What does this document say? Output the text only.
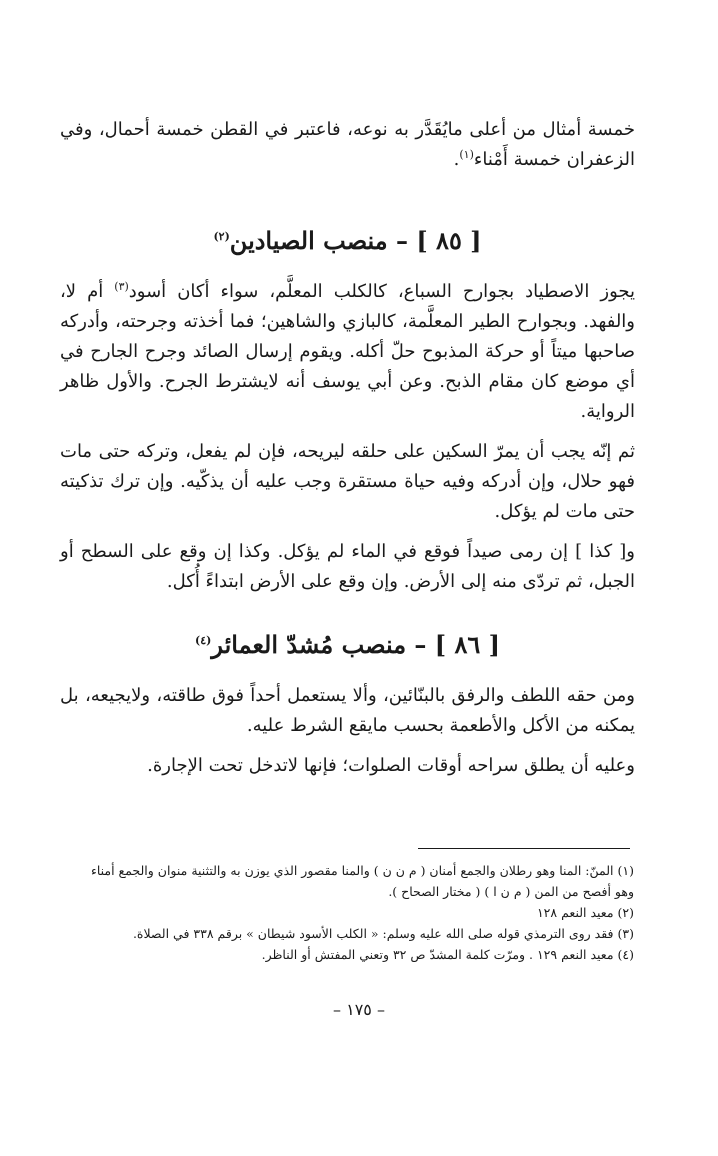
خمسة أمثال من أعلى مايُقَدَّر به نوعه، فاعتبر في القطن خمسة أحمال، وفي الزعفران خمسة أَمْناء$^{(١)}$.

[ ٨٥ ] – منصب الصيادين$^{(٢)}$

يجوز الاصطياد بجوارح السباع، كالكلب المعلَّم، سواء أكان أسود$^{(٣)}$ أم لا، والفهد. وبجوارح الطير المعلَّمة، كالبازي والشاهين؛ فما أخذته وجرحته، وأدركه صاحبها ميتاً أو حركة المذبوح حلّ أكله. ويقوم إرسال الصائد وجرح الجارح في أي موضع كان مقام الذبح. وعن أبي يوسف أنه لايشترط الجرح. والأول ظاهر الرواية.

ثم إنّه يجب أن يمرّ السكين على حلقه ليريحه، فإن لم يفعل، وتركه حتى مات فهو حلال، وإن أدركه وفيه حياة مستقرة وجب عليه أن يذكّيه. وإن ترك تذكيته حتى مات لم يؤكل.

و[ كذا ] إن رمى صيداً فوقع في الماء لم يؤكل. وكذا إن وقع على السطح أو الجبل، ثم تردّى منه إلى الأرض. وإن وقع على الأرض ابتداءً أُكل.

[ ٨٦ ] – منصب مُشدّ العمائر$^{(٤)}$

ومن حقه اللطف والرفق بالبنّائين، وألا يستعمل أحداً فوق طاقته، ولايجيعه، بل يمكنه من الأكل والأطعمة بحسب مايقع الشرط عليه.

وعليه أن يطلق سراحه أوقات الصلوات؛ فإنها لاتدخل تحت الإجارة.

(١) المنّ: المنا وهو رطلان والجمع أمنان ( م ن ن ) والمنا مقصور الذي يوزن به والتثنية منوان والجمع أمناء وهو أفصح من المن ( م ن ا ) ( مختار الصحاح ).

(٢) معيد النعم ١٢٨

(٣) فقد روى الترمذي قوله صلى الله عليه وسلم: « الكلب الأسود شيطان » برقم ٣٣٨ في الصلاة.

(٤) معيد النعم ١٢٩ . ومرّت كلمة المشدّ ص ٣٢ وتعني المفتش أو الناظر.

– ١٧٥ –
